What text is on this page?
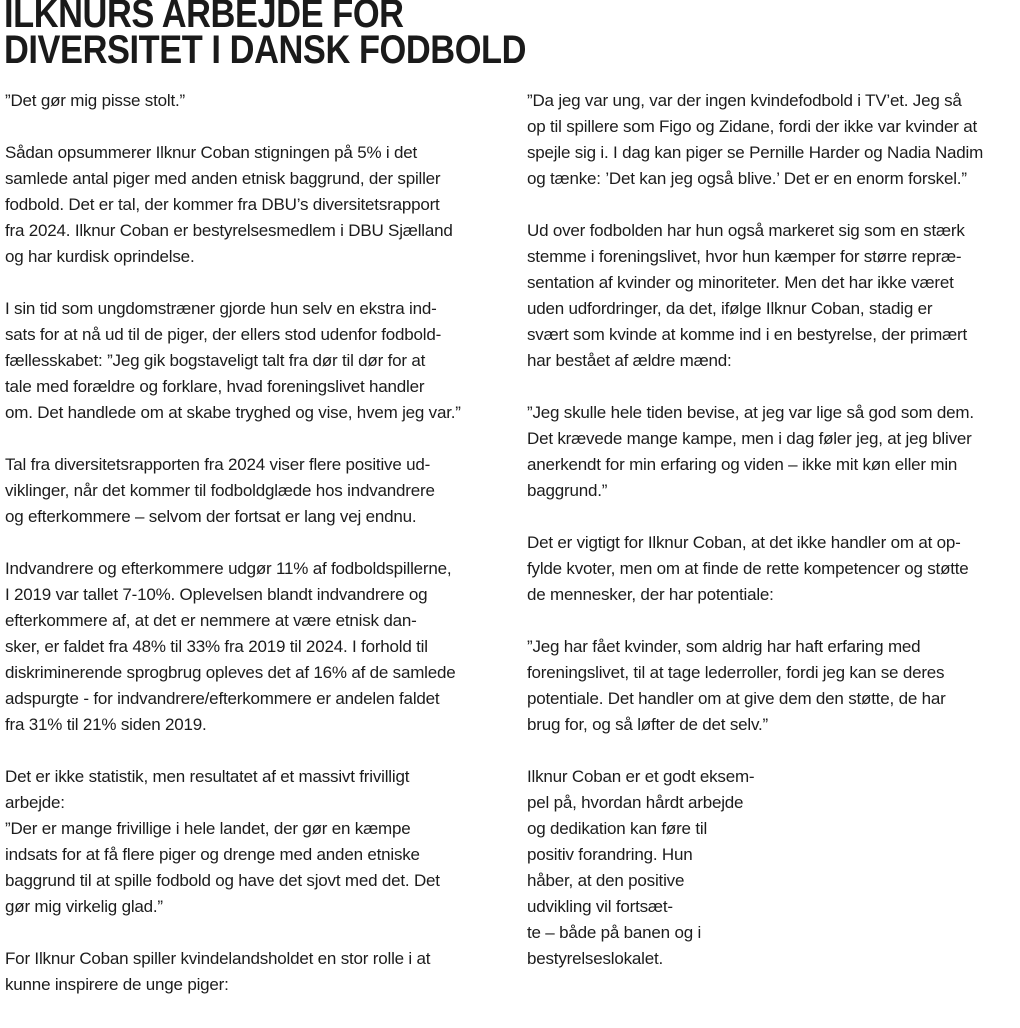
ILKNURS ARBEJDE FOR
DIVERSITET I DANSK FODBOLD
”Det gør mig pisse stolt.”
Sådan opsummerer Ilknur Coban stigningen på 5% i det
samlede antal piger med anden etnisk baggrund, der spiller
fodbold. Det er tal, der kommer fra DBU’s diversitetsrapport
fra 2024. Ilknur Coban er bestyrelsesmedlem i DBU Sjælland
og har kurdisk oprindelse.
I sin tid som ungdomstræner gjorde hun selv en ekstra ind-
sats for at nå ud til de piger, der ellers stod udenfor fodbold-
fællesskabet: ”Jeg gik bogstaveligt talt fra dør til dør for at
tale med forældre og forklare, hvad foreningslivet handler
om. Det handlede om at skabe tryghed og vise, hvem jeg var.”
Tal fra diversitetsrapporten fra 2024 viser flere positive ud-
viklinger, når det kommer til fodboldglæde hos indvandrere
og efterkommere – selvom der fortsat er lang vej endnu.
Indvandrere og efterkommere udgør 11% af fodboldspillerne,
I 2019 var tallet 7-10%. Oplevelsen blandt indvandrere og
efterkommere af, at det er nemmere at være etnisk dan-
sker, er faldet fra 48% til 33% fra 2019 til 2024. I forhold til
diskriminerende sprogbrug opleves det af 16% af de samlede
adspurgte - for indvandrere/efterkommere er andelen faldet
fra 31% til 21% siden 2019.
Det er ikke statistik, men resultatet af et massivt frivilligt
arbejde:
”Der er mange frivillige i hele landet, der gør en kæmpe
indsats for at få flere piger og drenge med anden etniske
baggrund til at spille fodbold og have det sjovt med det. Det
gør mig virkelig glad.”
For Ilknur Coban spiller kvindelandsholdet en stor rolle i at
kunne inspirere de unge piger:
”Da jeg var ung, var der ingen kvindefodbold i TV’et. Jeg så
op til spillere som Figo og Zidane, fordi der ikke var kvinder at
spejle sig i. I dag kan piger se Pernille Harder og Nadia Nadim
og tænke: ’Det kan jeg også blive.’ Det er en enorm forskel.”
Ud over fodbolden har hun også markeret sig som en stærk
stemme i foreningslivet, hvor hun kæmper for større repræ-
sentation af kvinder og minoriteter. Men det har ikke været
uden udfordringer, da det, ifølge Ilknur Coban, stadig er
svært som kvinde at komme ind i en bestyrelse, der primært
har bestået af ældre mænd:
”Jeg skulle hele tiden bevise, at jeg var lige så god som dem.
Det krævede mange kampe, men i dag føler jeg, at jeg bliver
anerkendt for min erfaring og viden – ikke mit køn eller min
baggrund.”
Det er vigtigt for Ilknur Coban, at det ikke handler om at op-
fylde kvoter, men om at finde de rette kompetencer og støtte
de mennesker, der har potentiale:
”Jeg har fået kvinder, som aldrig har haft erfaring med
foreningslivet, til at tage lederroller, fordi jeg kan se deres
potentiale. Det handler om at give dem den støtte, de har
brug for, og så løfter de det selv.”
Ilknur Coban er et godt eksem-
pel på, hvordan hårdt arbejde
og dedikation kan føre til
positiv forandring. Hun
håber, at den positive
udvikling vil fortsæt-
te – både på banen og i
bestyrelseslokalet.
